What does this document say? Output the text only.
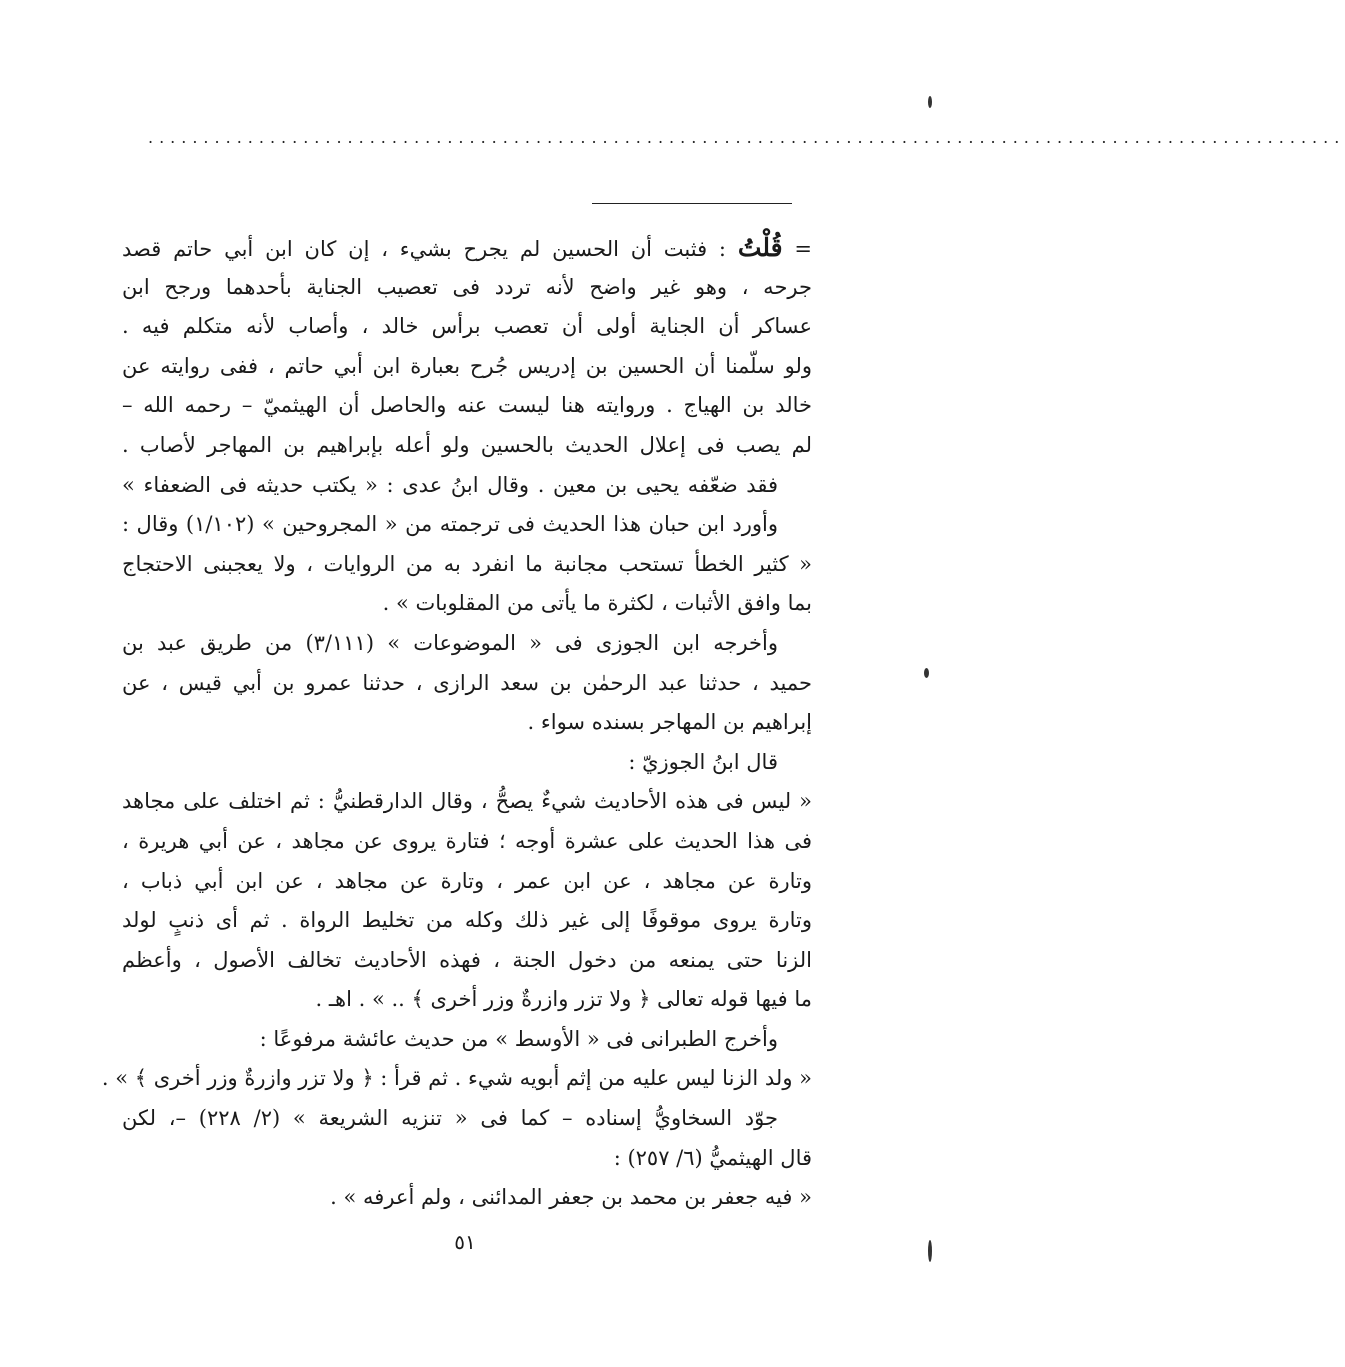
............................................................................................................
= قُلْتُ : فثبت أن الحسين لم يجرح بشيء ، إن كان ابن أبي حاتم قصد
جرحه ، وهو غير واضح لأنه تردد فى تعصيب الجناية بأحدهما ورجح ابن
عساكر أن الجناية أولى أن تعصب برأس خالد ، وأصاب لأنه متكلم فيه .
ولو سلّمنا أن الحسين بن إدريس جُرح بعبارة ابن أبي حاتم ، ففى روايته عن
خالد بن الهياج . وروايته هنا ليست عنه والحاصل أن الهيثميّ – رحمه الله –
لم يصب فى إعلال الحديث بالحسين ولو أعله بإبراهيم بن المهاجر لأصاب .
فقد ضعّفه يحيى بن معين . وقال ابنُ عدى : « يكتب حديثه فى الضعفاء »
وأورد ابن حبان هذا الحديث فى ترجمته من « المجروحين » (١/١٠٢) وقال :
« كثير الخطأ تستحب مجانبة ما انفرد به من الروايات ، ولا يعجبنى الاحتجاج
بما وافق الأثبات ، لكثرة ما يأتى من المقلوبات » .
وأخرجه ابن الجوزى فى « الموضوعات » (٣/١١١) من طريق عبد بن
حميد ، حدثنا عبد الرحمٰن بن سعد الرازى ، حدثنا عمرو بن أبي قيس ، عن
إبراهيم بن المهاجر بسنده سواء .
قال ابنُ الجوزيّ :
« ليس فى هذه الأحاديث شيءٌ يصحُّ ، وقال الدارقطنيُّ : ثم اختلف على مجاهد
فى هذا الحديث على عشرة أوجه ؛ فتارة يروى عن مجاهد ، عن أبي هريرة ،
وتارة عن مجاهد ، عن ابن عمر ، وتارة عن مجاهد ، عن ابن أبي ذباب ،
وتارة يروى موقوفًا إلى غير ذلك وكله من تخليط الرواة . ثم أى ذنبٍ لولد
الزنا حتى يمنعه من دخول الجنة ، فهذه الأحاديث تخالف الأصول ، وأعظم
ما فيها قوله تعالى ﴿ ولا تزر وازرةٌ وزر أخرى ﴾ .. » . اهـ .
وأخرج الطبرانى فى « الأوسط » من حديث عائشة مرفوعًا :
« ولد الزنا ليس عليه من إثم أبويه شيء . ثم قرأ : ﴿ ولا تزر وازرةٌ وزر أخرى ﴾ » .
جوّد السخاويُّ إسناده – كما فى « تنزيه الشريعة » (٢/ ٢٢٨) –، لكن
قال الهيثميُّ (٦/ ٢٥٧) :
« فيه جعفر بن محمد بن جعفر المدائنى ، ولم أعرفه » .
٥١
